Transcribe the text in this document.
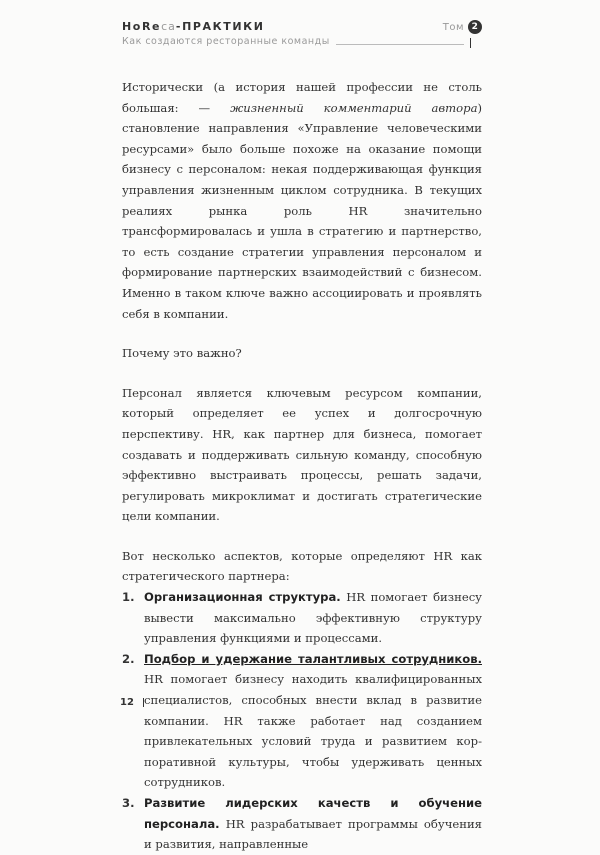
HoReca-ПРАКТИКИ
Как создаются ресторанные команды
Том 2

Исторически (а история нашей профессии не столь большая: — жизненный комментарий автора) становление направления «Управление человеческими ресурсами» было больше похоже на оказание помощи бизнесу с персоналом: некая поддерживающая функция управления жизненным циклом сотрудника. В текущих реалиях рынка роль HR значительно трансформировалась и ушла в стратегию и партнерство, то есть создание стратегии управления персоналом и формирование партнерских взаимодействий с бизнесом. Именно в таком ключе важно ассоциировать и проявлять себя в компании.

Почему это важно?

Персонал является ключевым ресурсом компании, который определяет ее успех и долгосрочную перспективу. HR, как партнер для бизнеса, помогает создавать и поддерживать сильную команду, способную эффективно выстраивать процессы, решать задачи, регулировать микроклимат и достигать стратегические цели компании.

Вот несколько аспектов, которые определяют HR как стратегического партнера:

1. Организационная структура. HR помогает бизнесу вывести максимально эффективную структуру управления функциями и процессами.
2. Подбор и удержание талантливых сотрудников. HR помогает бизнесу находить квалифицированных специалистов, способных внести вклад в развитие компании. HR также работает над созданием привлекательных условий труда и развитием корпоративной культуры, чтобы удерживать ценных сотрудников.
3. Развитие лидерских качеств и обучение персонала. HR разрабатывает программы обучения и развития, направленные
12
